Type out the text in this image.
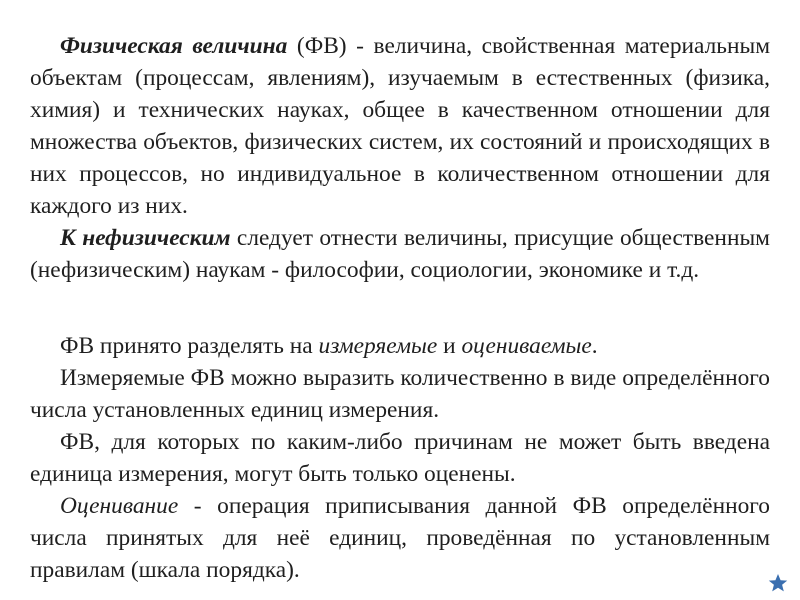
Физическая величина (ФВ) - величина, свойственная материальным объектам (процессам, явлениям), изучаемым в естественных (физика, химия) и технических науках, общее в качественном отношении для множества объектов, физических систем, их состояний и происходящих в них процессов, но индивидуальное в количественном отношении для каждого из них.

К нефизическим следует отнести величины, присущие общественным (нефизическим) наукам - философии, социологии, экономике и т.д.

ФВ принято разделять на измеряемые и оцениваемые.

Измеряемые ФВ можно выразить количественно в виде определённого числа установленных единиц измерения.

ФВ, для которых по каким-либо причинам не может быть введена единица измерения, могут быть только оценены.

Оценивание - операция приписывания данной ФВ определённого числа принятых для неё единиц, проведённая по установленным правилам (шкала порядка).
